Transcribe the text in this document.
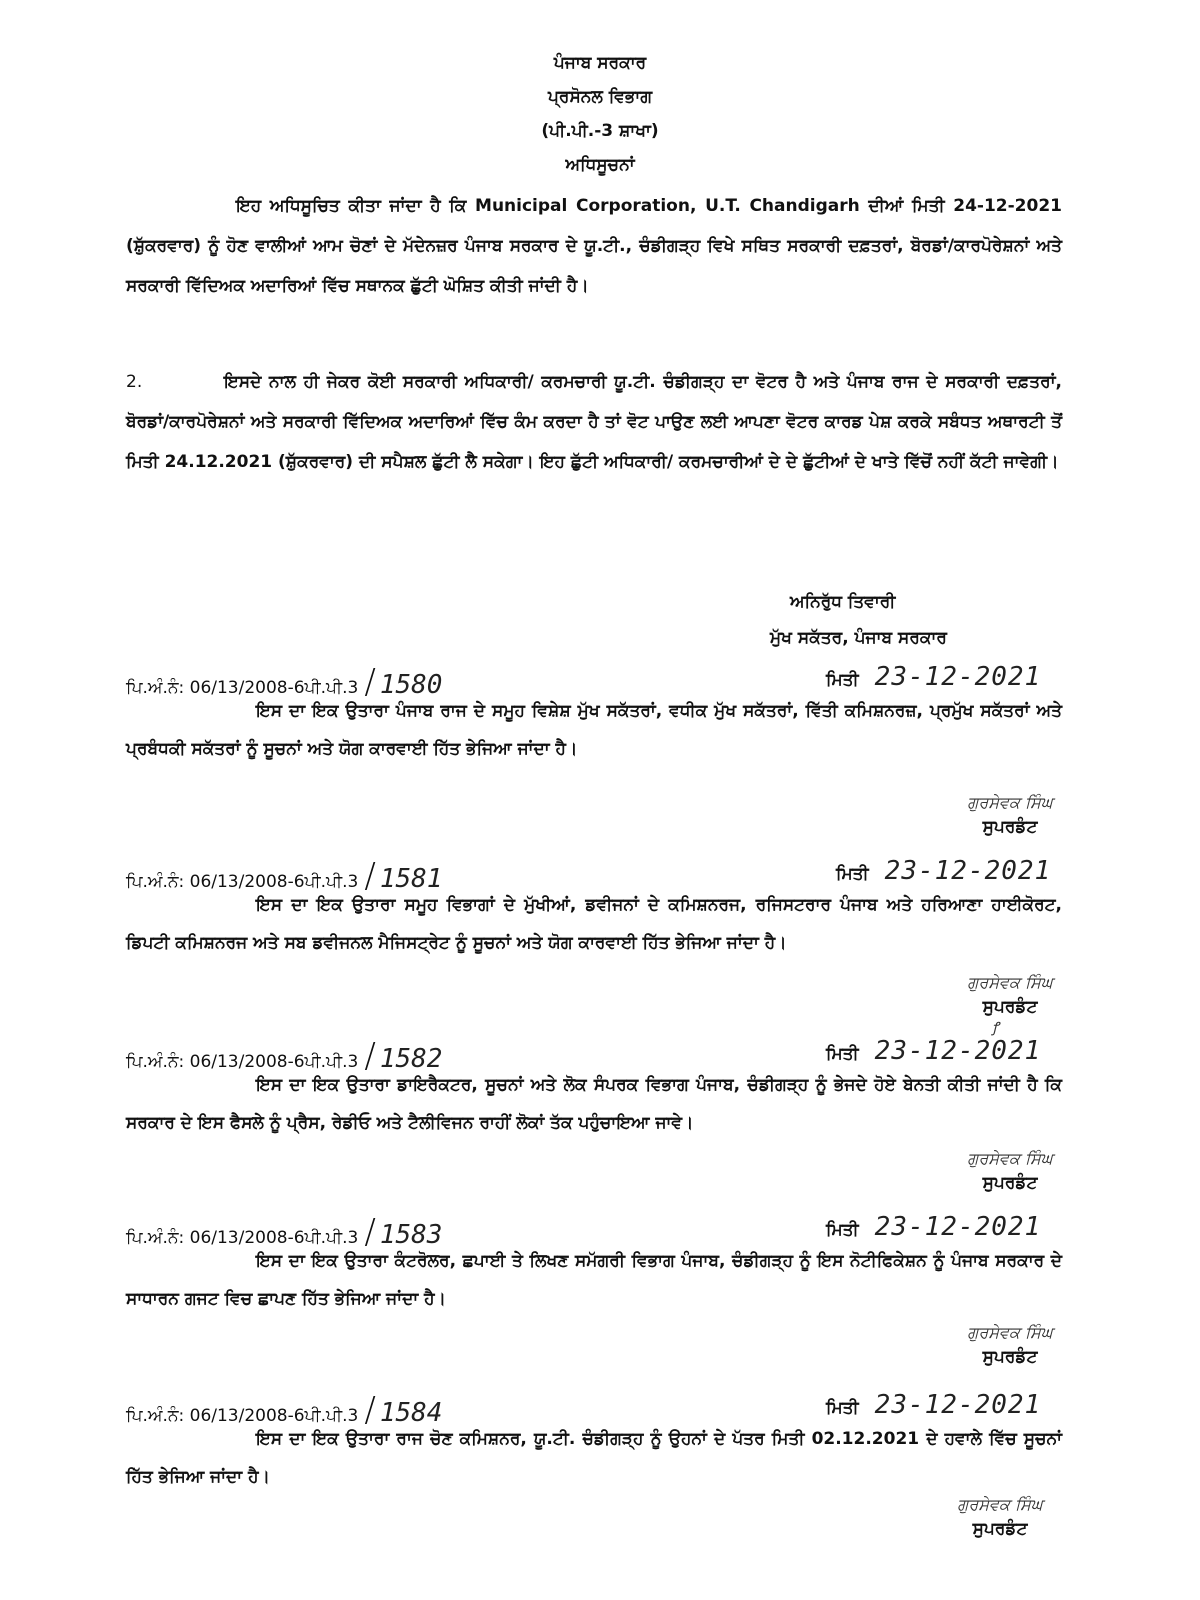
ਪੰਜਾਬ ਸਰਕਾਰ
ਪ੍ਰਸੋਨਲ ਵਿਭਾਗ
(ਪੀ.ਪੀ.-3 ਸ਼ਾਖਾ)
ਅਧਿਸੂਚਨਾਂ

ਇਹ ਅਧਿਸੂਚਿਤ ਕੀਤਾ ਜਾਂਦਾ ਹੈ ਕਿ Municipal Corporation, U.T. Chandigarh ਦੀਆਂ ਮਿਤੀ 24-12-2021 (ਸ਼ੁੱਕਰਵਾਰ) ਨੂੰ ਹੋਣ ਵਾਲੀਆਂ ਆਮ ਚੋਣਾਂ ਦੇ ਮੱਦੇਨਜ਼ਰ ਪੰਜਾਬ ਸਰਕਾਰ ਦੇ ਯੂ.ਟੀ., ਚੰਡੀਗੜ੍ਹ ਵਿਖੇ ਸਥਿਤ ਸਰਕਾਰੀ ਦਫ਼ਤਰਾਂ, ਬੋਰਡਾਂ/ਕਾਰਪੋਰੇਸ਼ਨਾਂ ਅਤੇ ਸਰਕਾਰੀ ਵਿੱਦਿਅਕ ਅਦਾਰਿਆਂ ਵਿੱਚ ਸਥਾਨਕ ਛੁੱਟੀ ਘੋਸ਼ਿਤ ਕੀਤੀ ਜਾਂਦੀ ਹੈ।

2.	ਇਸਦੇ ਨਾਲ ਹੀ ਜੇਕਰ ਕੋਈ ਸਰਕਾਰੀ ਅਧਿਕਾਰੀ/ ਕਰਮਚਾਰੀ ਯੂ.ਟੀ. ਚੰਡੀਗੜ੍ਹ ਦਾ ਵੋਟਰ ਹੈ ਅਤੇ ਪੰਜਾਬ ਰਾਜ ਦੇ ਸਰਕਾਰੀ ਦਫ਼ਤਰਾਂ, ਬੋਰਡਾਂ/ਕਾਰਪੋਰੇਸ਼ਨਾਂ ਅਤੇ ਸਰਕਾਰੀ ਵਿੱਦਿਅਕ ਅਦਾਰਿਆਂ ਵਿੱਚ ਕੰਮ ਕਰਦਾ ਹੈ ਤਾਂ ਵੋਟ ਪਾਉਣ ਲਈ ਆਪਣਾ ਵੋਟਰ ਕਾਰਡ ਪੇਸ਼ ਕਰਕੇ ਸਬੰਧਤ ਅਥਾਰਟੀ ਤੋਂ ਮਿਤੀ 24.12.2021 (ਸ਼ੁੱਕਰਵਾਰ) ਦੀ ਸਪੈਸ਼ਲ ਛੁੱਟੀ ਲੈ ਸਕੇਗਾ। ਇਹ ਛੁੱਟੀ ਅਧਿਕਾਰੀ/ ਕਰਮਚਾਰੀਆਂ ਦੇ ਦੇ ਛੁੱਟੀਆਂ ਦੇ ਖਾਤੇ ਵਿੱਚੋਂ ਨਹੀਂ ਕੱਟੀ ਜਾਵੇਗੀ।

ਅਨਿਰੁੱਧ ਤਿਵਾਰੀ
ਮੁੱਖ ਸਕੱਤਰ, ਪੰਜਾਬ ਸਰਕਾਰ
ਪਿ.ਅੰ.ਨੰ: 06/13/2008-6ਪੀ.ਪੀ.3 / 1580	ਮਿਤੀ 23-12-2021

ਇਸ ਦਾ ਇਕ ਉਤਾਰਾ ਪੰਜਾਬ ਰਾਜ ਦੇ ਸਮੂਹ ਵਿਸ਼ੇਸ਼ ਮੁੱਖ ਸਕੱਤਰਾਂ, ਵਧੀਕ ਮੁੱਖ ਸਕੱਤਰਾਂ, ਵਿੱਤੀ ਕਮਿਸ਼ਨਰਜ਼, ਪ੍ਰਮੁੱਖ ਸਕੱਤਰਾਂ ਅਤੇ ਪ੍ਰਬੰਧਕੀ ਸਕੱਤਰਾਂ ਨੂੰ ਸੂਚਨਾਂ ਅਤੇ ਯੋਗ ਕਾਰਵਾਈ ਹਿੱਤ ਭੇਜਿਆ ਜਾਂਦਾ ਹੈ।

ਗੁਰਸੇਵਕ ਸਿੰਘ
ਸੁਪਰਡੰਟ
ਪਿ.ਅੰ.ਨੰ: 06/13/2008-6ਪੀ.ਪੀ.3 / 1581	ਮਿਤੀ 23-12-2021

ਇਸ ਦਾ ਇਕ ਉਤਾਰਾ ਸਮੂਹ ਵਿਭਾਗਾਂ ਦੇ ਮੁੱਖੀਆਂ, ਡਵੀਜਨਾਂ ਦੇ ਕਮਿਸ਼ਨਰਜ, ਰਜਿਸਟਰਾਰ ਪੰਜਾਬ ਅਤੇ ਹਰਿਆਣਾ ਹਾਈਕੋਰਟ, ਡਿਪਟੀ ਕਮਿਸ਼ਨਰਜ ਅਤੇ ਸਬ ਡਵੀਜਨਲ ਮੈਜਿਸਟ੍ਰੇਟ ਨੂੰ ਸੂਚਨਾਂ ਅਤੇ ਯੋਗ ਕਾਰਵਾਈ ਹਿੱਤ ਭੇਜਿਆ ਜਾਂਦਾ ਹੈ।

ਗੁਰਸੇਵਕ ਸਿੰਘ
ਸੁਪਰਡੰਟ
ꝭ
ਪਿ.ਅੰ.ਨੰ: 06/13/2008-6ਪੀ.ਪੀ.3 / 1582	ਮਿਤੀ 23-12-2021

ਇਸ ਦਾ ਇਕ ਉਤਾਰਾ ਡਾਇਰੈਕਟਰ, ਸੂਚਨਾਂ ਅਤੇ ਲੋਕ ਸੰਪਰਕ ਵਿਭਾਗ ਪੰਜਾਬ, ਚੰਡੀਗੜ੍ਹ ਨੂੰ ਭੇਜਦੇ ਹੋਏ ਬੇਨਤੀ ਕੀਤੀ ਜਾਂਦੀ ਹੈ ਕਿ ਸਰਕਾਰ ਦੇ ਇਸ ਫੈਸਲੇ ਨੂੰ ਪ੍ਰੈਸ, ਰੇਡੀਓ ਅਤੇ ਟੈਲੀਵਿਜਨ ਰਾਹੀਂ ਲੋਕਾਂ ਤੱਕ ਪਹੁੰਚਾਇਆ ਜਾਵੇ।

ਗੁਰਸੇਵਕ ਸਿੰਘ
ਸੁਪਰਡੰਟ
ਪਿ.ਅੰ.ਨੰ: 06/13/2008-6ਪੀ.ਪੀ.3 / 1583	ਮਿਤੀ 23-12-2021

ਇਸ ਦਾ ਇਕ ਉਤਾਰਾ ਕੰਟਰੋਲਰ, ਛਪਾਈ ਤੇ ਲਿਖਣ ਸਮੱਗਰੀ ਵਿਭਾਗ ਪੰਜਾਬ, ਚੰਡੀਗੜ੍ਹ ਨੂੰ ਇਸ ਨੋਟੀਫਿਕੇਸ਼ਨ ਨੂੰ ਪੰਜਾਬ ਸਰਕਾਰ ਦੇ ਸਾਧਾਰਨ ਗਜਟ ਵਿਚ ਛਾਪਣ ਹਿੱਤ ਭੇਜਿਆ ਜਾਂਦਾ ਹੈ।

ਗੁਰਸੇਵਕ ਸਿੰਘ
ਸੁਪਰਡੰਟ
ਪਿ.ਅੰ.ਨੰ: 06/13/2008-6ਪੀ.ਪੀ.3 / 1584	ਮਿਤੀ 23-12-2021

ਇਸ ਦਾ ਇਕ ਉਤਾਰਾ ਰਾਜ ਚੋਣ ਕਮਿਸ਼ਨਰ, ਯੂ.ਟੀ. ਚੰਡੀਗੜ੍ਹ ਨੂੰ ਉਹਨਾਂ ਦੇ ਪੱਤਰ ਮਿਤੀ 02.12.2021 ਦੇ ਹਵਾਲੇ ਵਿੱਚ ਸੂਚਨਾਂ ਹਿੱਤ ਭੇਜਿਆ ਜਾਂਦਾ ਹੈ।

ਗੁਰਸੇਵਕ ਸਿੰਘ
ਸੁਪਰਡੰਟ
